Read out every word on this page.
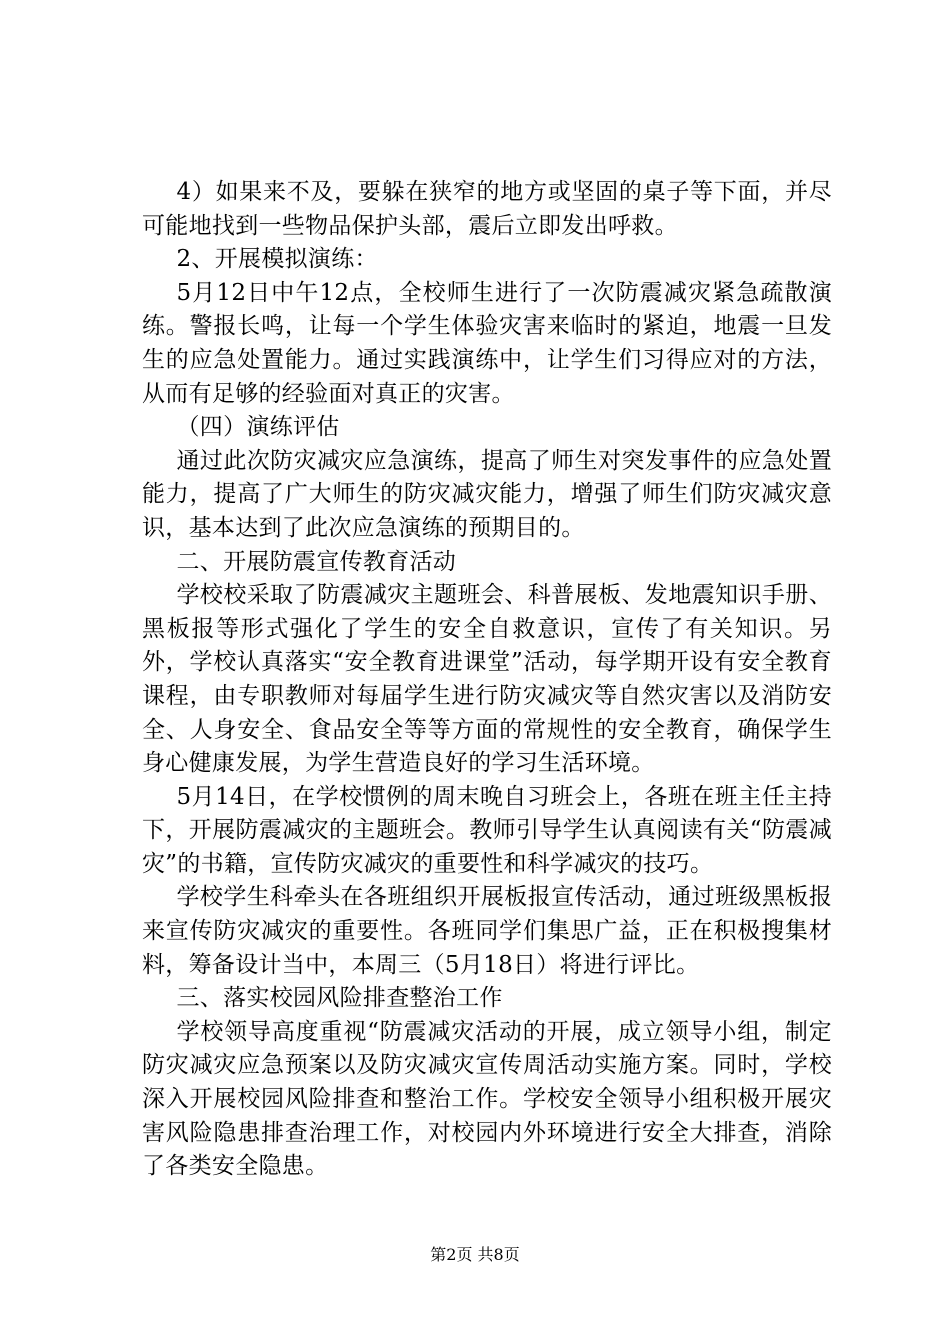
4）如果来不及，要躲在狭窄的地方或坚固的桌子等下面，并尽可能地找到一些物品保护头部，震后立即发出呼救。

2、开展模拟演练：

5月12日中午12点，全校师生进行了一次防震减灾紧急疏散演练。警报长鸣，让每一个学生体验灾害来临时的紧迫，地震一旦发生的应急处置能力。通过实践演练中，让学生们习得应对的方法，从而有足够的经验面对真正的灾害。

（四）演练评估

通过此次防灾减灾应急演练，提高了师生对突发事件的应急处置能力，提高了广大师生的防灾减灾能力，增强了师生们防灾减灾意识，基本达到了此次应急演练的预期目的。

二、开展防震宣传教育活动

学校校采取了防震减灾主题班会、科普展板、发地震知识手册、黑板报等形式强化了学生的安全自救意识，宣传了有关知识。另外，学校认真落实“安全教育进课堂”活动，每学期开设有安全教育课程，由专职教师对每届学生进行防灾减灾等自然灾害以及消防安全、人身安全、食品安全等等方面的常规性的安全教育，确保学生身心健康发展，为学生营造良好的学习生活环境。

5月14日，在学校惯例的周末晚自习班会上，各班在班主任主持下，开展防震减灾的主题班会。教师引导学生认真阅读有关“防震减灾”的书籍，宣传防灾减灾的重要性和科学减灾的技巧。

学校学生科牵头在各班组织开展板报宣传活动，通过班级黑板报来宣传防灾减灾的重要性。各班同学们集思广益，正在积极搜集材料，筹备设计当中，本周三（5月18日）将进行评比。

三、落实校园风险排查整治工作

学校领导高度重视“防震减灾活动的开展，成立领导小组，制定防灾减灾应急预案以及防灾减灾宣传周活动实施方案。同时，学校深入开展校园风险排查和整治工作。学校安全领导小组积极开展灾害风险隐患排查治理工作，对校园内外环境进行安全大排查，消除了各类安全隐患。

第2页 共8页
